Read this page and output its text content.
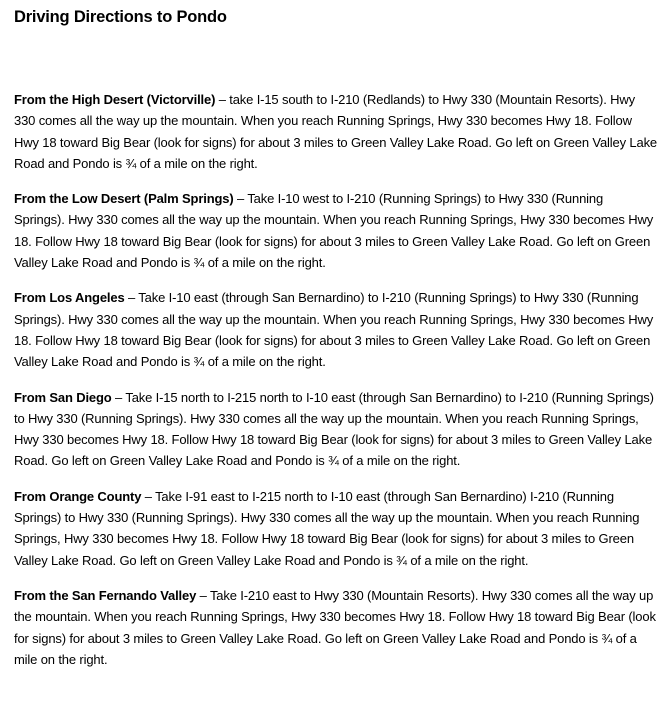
Driving Directions to Pondo

From the High Desert (Victorville) – take I-15 south to I-210 (Redlands) to Hwy 330 (Mountain Resorts). Hwy 330 comes all the way up the mountain. When you reach Running Springs, Hwy 330 becomes Hwy 18. Follow Hwy 18 toward Big Bear (look for signs) for about 3 miles to Green Valley Lake Road. Go left on Green Valley Lake Road and Pondo is ¾ of a mile on the right.

From the Low Desert (Palm Springs) – Take I-10 west to I-210 (Running Springs) to Hwy 330 (Running Springs). Hwy 330 comes all the way up the mountain. When you reach Running Springs, Hwy 330 becomes Hwy 18. Follow Hwy 18 toward Big Bear (look for signs) for about 3 miles to Green Valley Lake Road. Go left on Green Valley Lake Road and Pondo is ¾ of a mile on the right.

From Los Angeles – Take I-10 east (through San Bernardino) to I-210 (Running Springs) to Hwy 330 (Running Springs). Hwy 330 comes all the way up the mountain. When you reach Running Springs, Hwy 330 becomes Hwy 18. Follow Hwy 18 toward Big Bear (look for signs) for about 3 miles to Green Valley Lake Road. Go left on Green Valley Lake Road and Pondo is ¾ of a mile on the right.

From San Diego – Take I-15 north to I-215 north to I-10 east (through San Bernardino) to I-210 (Running Springs) to Hwy 330 (Running Springs). Hwy 330 comes all the way up the mountain. When you reach Running Springs, Hwy 330 becomes Hwy 18. Follow Hwy 18 toward Big Bear (look for signs) for about 3 miles to Green Valley Lake Road. Go left on Green Valley Lake Road and Pondo is ¾ of a mile on the right.

From Orange County – Take I-91 east to I-215 north to I-10 east (through San Bernardino) I-210 (Running Springs) to Hwy 330 (Running Springs). Hwy 330 comes all the way up the mountain. When you reach Running Springs, Hwy 330 becomes Hwy 18. Follow Hwy 18 toward Big Bear (look for signs) for about 3 miles to Green Valley Lake Road. Go left on Green Valley Lake Road and Pondo is ¾ of a mile on the right.

From the San Fernando Valley – Take I-210 east to Hwy 330 (Mountain Resorts). Hwy 330 comes all the way up the mountain. When you reach Running Springs, Hwy 330 becomes Hwy 18. Follow Hwy 18 toward Big Bear (look for signs) for about 3 miles to Green Valley Lake Road. Go left on Green Valley Lake Road and Pondo is ¾ of a mile on the right.
